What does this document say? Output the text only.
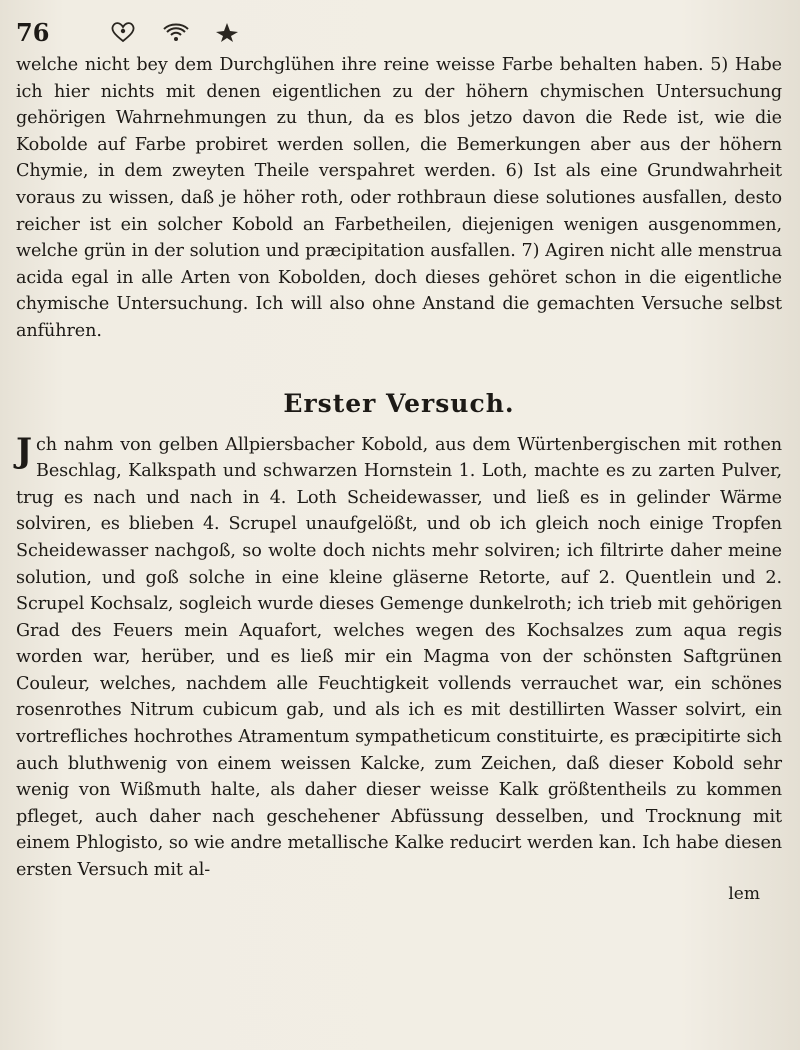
76

welche nicht bey dem Durchglühen ihre reine weisse Farbe behalten haben. 5) Habe ich hier nichts mit denen eigentlichen zu der höhern chymischen Untersuchung gehörigen Wahrnehmungen zu thun, da es blos jetzo davon die Rede ist, wie die Kobolde auf Farbe probiret werden sollen, die Bemerkungen aber aus der höhern Chymie, in dem zweyten Theile verspahret werden. 6) Ist als eine Grundwahrheit voraus zu wissen, daß je höher roth, oder rothbraun diese solutiones ausfallen, desto reicher ist ein solcher Kobold an Farbetheilen, diejenigen wenigen ausgenommen, welche grün in der solution und præcipitation ausfallen. 7) Agiren nicht alle menstrua acida egal in alle Arten von Kobolden, doch dieses gehöret schon in die eigentliche chymische Untersuchung. Ich will also ohne Anstand die gemachten Versuche selbst anführen.

Erster Versuch.

Jch nahm von gelben Allpiersbacher Kobold, aus dem Würtenbergischen mit rothen Beschlag, Kalkspath und schwarzen Hornstein 1. Loth, machte es zu zarten Pulver, trug es nach und nach in 4. Loth Scheidewasser, und ließ es in gelinder Wärme solviren, es blieben 4. Scrupel unaufgelößt, und ob ich gleich noch einige Tropfen Scheidewasser nachgoß, so wolte doch nichts mehr solviren; ich filtrirte daher meine solution, und goß solche in eine kleine gläserne Retorte, auf 2. Quentlein und 2. Scrupel Kochsalz, sogleich wurde dieses Gemenge dunkelroth; ich trieb mit gehörigen Grad des Feuers mein Aquafort, welches wegen des Kochsalzes zum aqua regis worden war, herüber, und es ließ mir ein Magma von der schönsten Saftgrünen Couleur, welches, nachdem alle Feuchtigkeit vollends verrauchet war, ein schönes rosenrothes Nitrum cubicum gab, und als ich es mit destillirten Wasser solvirt, ein vortrefliches hochrothes Atramentum sympatheticum constituirte, es præcipitirte sich auch bluthwenig von einem weissen Kalcke, zum Zeichen, daß dieser Kobold sehr wenig von Wißmuth halte, als daher dieser weisse Kalk größtentheils zu kommen pfleget, auch daher nach geschehener Abfüssung desselben, und Trocknung mit einem Phlogisto, so wie andre metallische Kalke reducirt werden kan. Ich habe diesen ersten Versuch mit al-

lem
